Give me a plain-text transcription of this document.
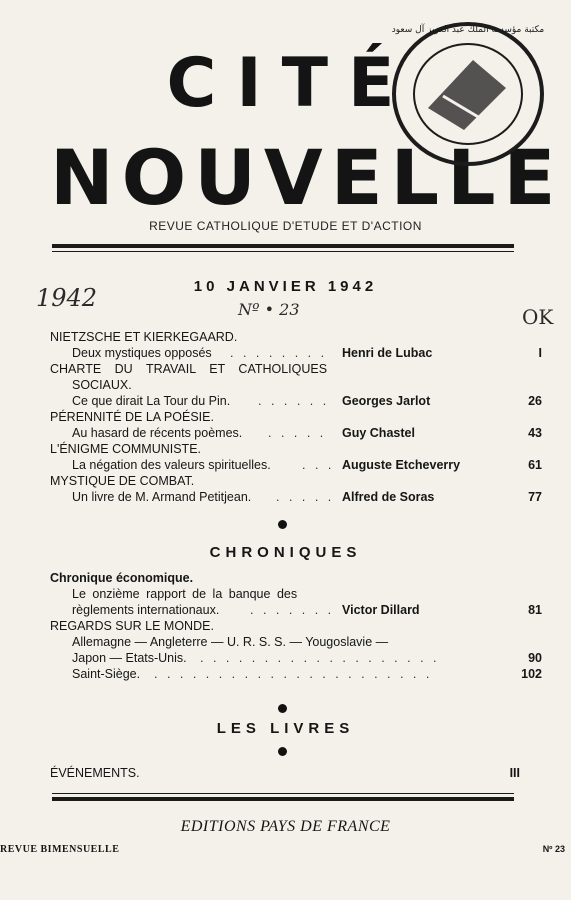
CITÉ
NOUVELLE
REVUE CATHOLIQUE D'ETUDE ET D'ACTION
مكتبة مؤسسة الملك عبد العزيز آل سعود
10 JANVIER 1942
1942	Nº • 23	OK
NIETZSCHE ET KIERKEGAARD.
Deux mystiques opposés . . . . . . . .	Henri de Lubac	I
CHARTE DU TRAVAIL ET CATHOLIQUES
SOCIAUX.
Ce que dirait La Tour du Pin. . . . . . .	Georges Jarlot	26
PÉRENNITÉ DE LA POÉSIE.
Au hasard de récents poèmes. . . . . .	Guy Chastel	43
L'ÉNIGME COMMUNISTE.
La négation des valeurs spirituelles.	. . . Auguste Etcheverry	61
MYSTIQUE DE COMBAT.
Un livre de M. Armand Petitjean. . . . . . Alfred de Soras	77
CHRONIQUES
Chronique économique.
Le onzième rapport de la banque des
règlements internationaux. . . . . . . . Victor Dillard	81
REGARDS SUR LE MONDE.
Allemagne — Angleterre — U. R. S. S. — Yougoslavie —
Japon — Etats-Unis. . . . . . . . . . . . . . . . . . . .	90
Saint-Siège. . . . . . . . . . . . . . . . . . . . . . .	102
LES LIVRES
ÉVÉNEMENTS.	III
EDITIONS PAYS DE FRANCE
REVUE BIMENSUELLE	Nº 23
